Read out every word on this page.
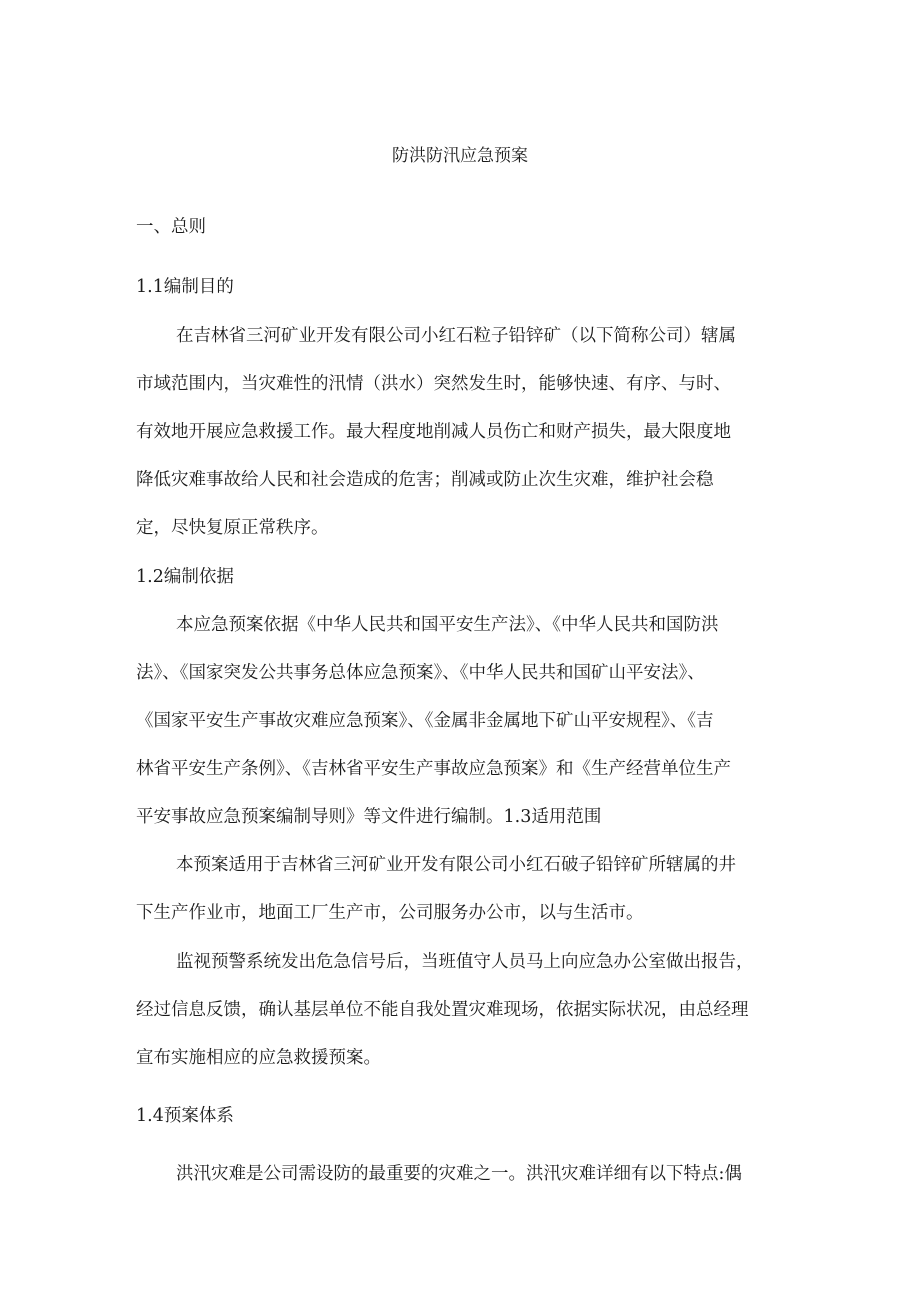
防洪防汛应急预案
一、总则
1.1编制目的
在吉林省三河矿业开发有限公司小红石粒子铅锌矿（以下简称公司）辖属
市域范围内，当灾难性的汛情（洪水）突然发生时，能够快速、有序、与时、
有效地开展应急救援工作。最大程度地削减人员伤亡和财产损失，最大限度地
降低灾难事故给人民和社会造成的危害；削减或防止次生灾难，维护社会稳
定，尽快复原正常秩序。
1.2编制依据
本应急预案依据《中华人民共和国平安生产法》、《中华人民共和国防洪
法》、《国家突发公共事务总体应急预案》、《中华人民共和国矿山平安法》、
《国家平安生产事故灾难应急预案》、《金属非金属地下矿山平安规程》、《吉
林省平安生产条例》、《吉林省平安生产事故应急预案》和《生产经营单位生产
平安事故应急预案编制导则》等文件进行编制。1.3适用范围
本预案适用于吉林省三河矿业开发有限公司小红石破子铅锌矿所辖属的井
下生产作业市，地面工厂生产市，公司服务办公市，以与生活市。
监视预警系统发出危急信号后，当班值守人员马上向应急办公室做出报告，
经过信息反馈，确认基层单位不能自我处置灾难现场，依据实际状况，由总经理
宣布实施相应的应急救援预案。
1.4预案体系
洪汛灾难是公司需设防的最重要的灾难之一。洪汛灾难详细有以下特点:偶
